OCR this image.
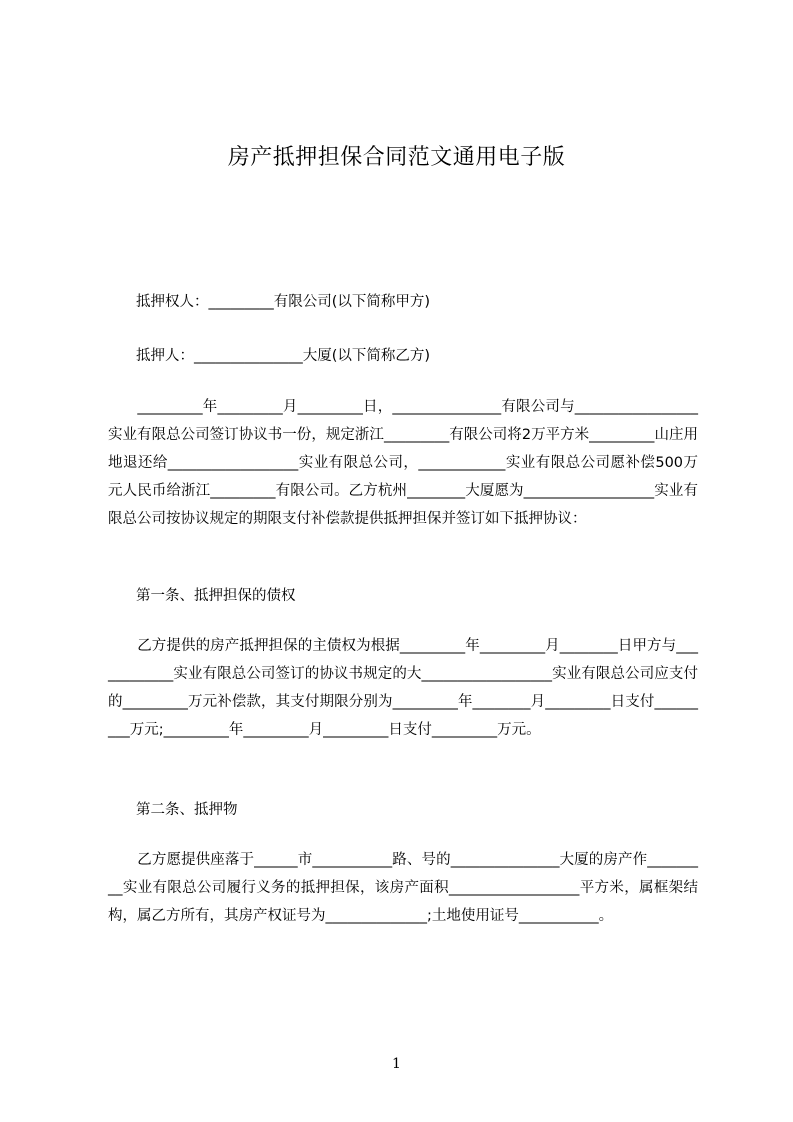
房产抵押担保合同范文通用电子版

抵押权人：_________有限公司(以下简称甲方)

抵押人：_______________大厦(以下简称乙方)

　　_________年_________月_________日，_______________有限公司与_________________实业有限总公司签订协议书一份，规定浙江_________有限公司将2万平方米_________山庄用地退还给__________________实业有限总公司，____________实业有限总公司愿补偿500万元人民币给浙江_________有限公司。乙方杭州________大厦愿为__________________实业有限总公司按协议规定的期限支付补偿款提供抵押担保并签订如下抵押协议：

第一条、抵押担保的债权

　　乙方提供的房产抵押担保的主债权为根据_________年_________月________日甲方与____________实业有限总公司签订的协议书规定的大__________________实业有限总公司应支付的_________万元补偿款，其支付期限分别为_________年________月_________日支付_________万元;_________年_________月_________日支付_________万元。

第二条、抵押物

　　乙方愿提供座落于______市___________路、号的_______________大厦的房产作_________实业有限总公司履行义务的抵押担保，该房产面积__________________平方米，属框架结构，属乙方所有，其房产权证号为______________;土地使用证号___________。

1
